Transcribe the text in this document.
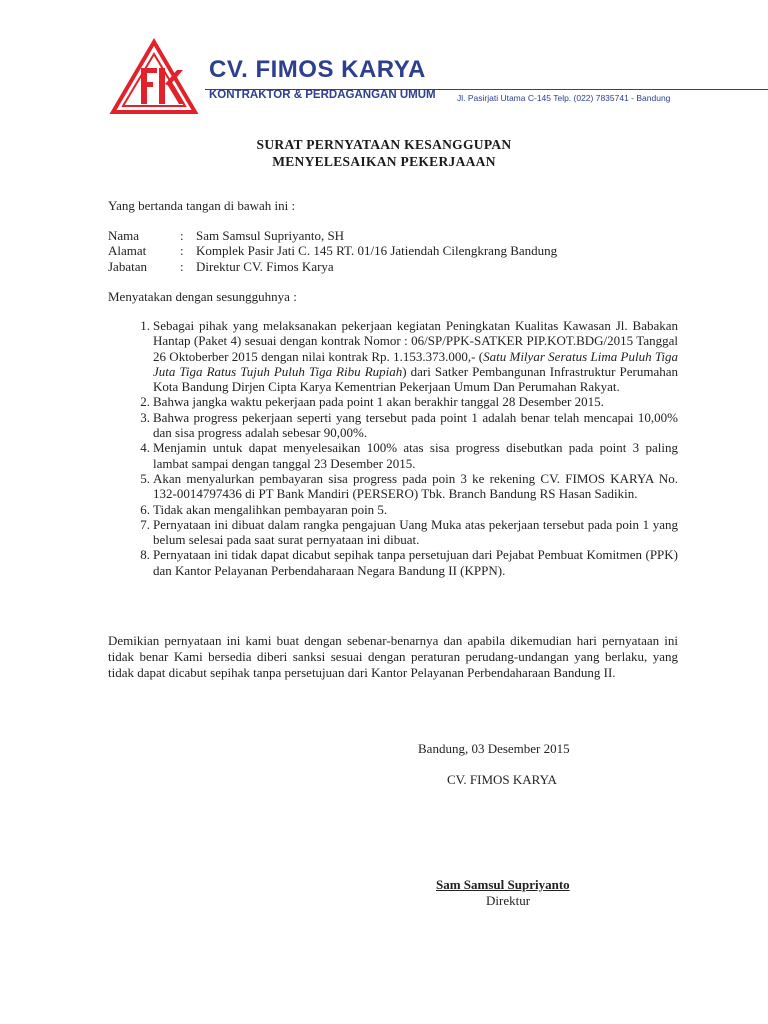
CV. FIMOS KARYA
KONTRAKTOR & PERDAGANGAN UMUM	Jl. Pasirjati Utama C-145 Telp. (022) 7835741 - Bandung
SURAT PERNYATAAN KESANGGUPAN
MENYELESAIKAN PEKERJAAAN
Yang bertanda tangan di bawah ini :
Nama	: Sam Samsul Supriyanto, SH
Alamat	: Komplek Pasir Jati C. 145 RT. 01/16 Jatiendah Cilengkrang Bandung
Jabatan	: Direktur CV. Fimos Karya
Menyatakan dengan sesungguhnya :
1. Sebagai pihak yang melaksanakan pekerjaan kegiatan Peningkatan Kualitas Kawasan Jl. Babakan Hantap (Paket 4) sesuai dengan kontrak Nomor : 06/SP/PPK-SATKER PIP.KOT.BDG/2015 Tanggal 26 Oktoberber 2015 dengan nilai kontrak Rp. 1.153.373.000,- (Satu Milyar Seratus Lima Puluh Tiga Juta Tiga Ratus Tujuh Puluh Tiga Ribu Rupiah) dari Satker Pembangunan Infrastruktur Perumahan Kota Bandung Dirjen Cipta Karya Kementrian Pekerjaan Umum Dan Perumahan Rakyat.
2. Bahwa jangka waktu pekerjaan pada point 1 akan berakhir tanggal 28 Desember 2015.
3. Bahwa progress pekerjaan seperti yang tersebut pada point 1 adalah benar telah mencapai 10,00% dan sisa progress adalah sebesar 90,00%.
4. Menjamin untuk dapat menyelesaikan 100% atas sisa progress disebutkan pada point 3 paling lambat sampai dengan tanggal 23 Desember 2015.
5. Akan menyalurkan pembayaran sisa progress pada poin 3 ke rekening CV. FIMOS KARYA No. 132-0014797436 di PT Bank Mandiri (PERSERO) Tbk. Branch Bandung RS Hasan Sadikin.
6. Tidak akan mengalihkan pembayaran poin 5.
7. Pernyataan ini dibuat dalam rangka pengajuan Uang Muka atas pekerjaan tersebut pada poin 1 yang belum selesai pada saat surat pernyataan ini dibuat.
8. Pernyataan ini tidak dapat dicabut sepihak tanpa persetujuan dari Pejabat Pembuat Komitmen (PPK) dan Kantor Pelayanan Perbendaharaan Negara Bandung II (KPPN).
Demikian pernyataan ini kami buat dengan sebenar-benarnya dan apabila dikemudian hari pernyataan ini tidak benar Kami bersedia diberi sanksi sesuai dengan peraturan perudang-undangan yang berlaku, yang tidak dapat dicabut sepihak tanpa persetujuan dari Kantor Pelayanan Perbendaharaan Bandung II.
Bandung, 03 Desember 2015
CV. FIMOS KARYA
Sam Samsul Supriyanto
Direktur
